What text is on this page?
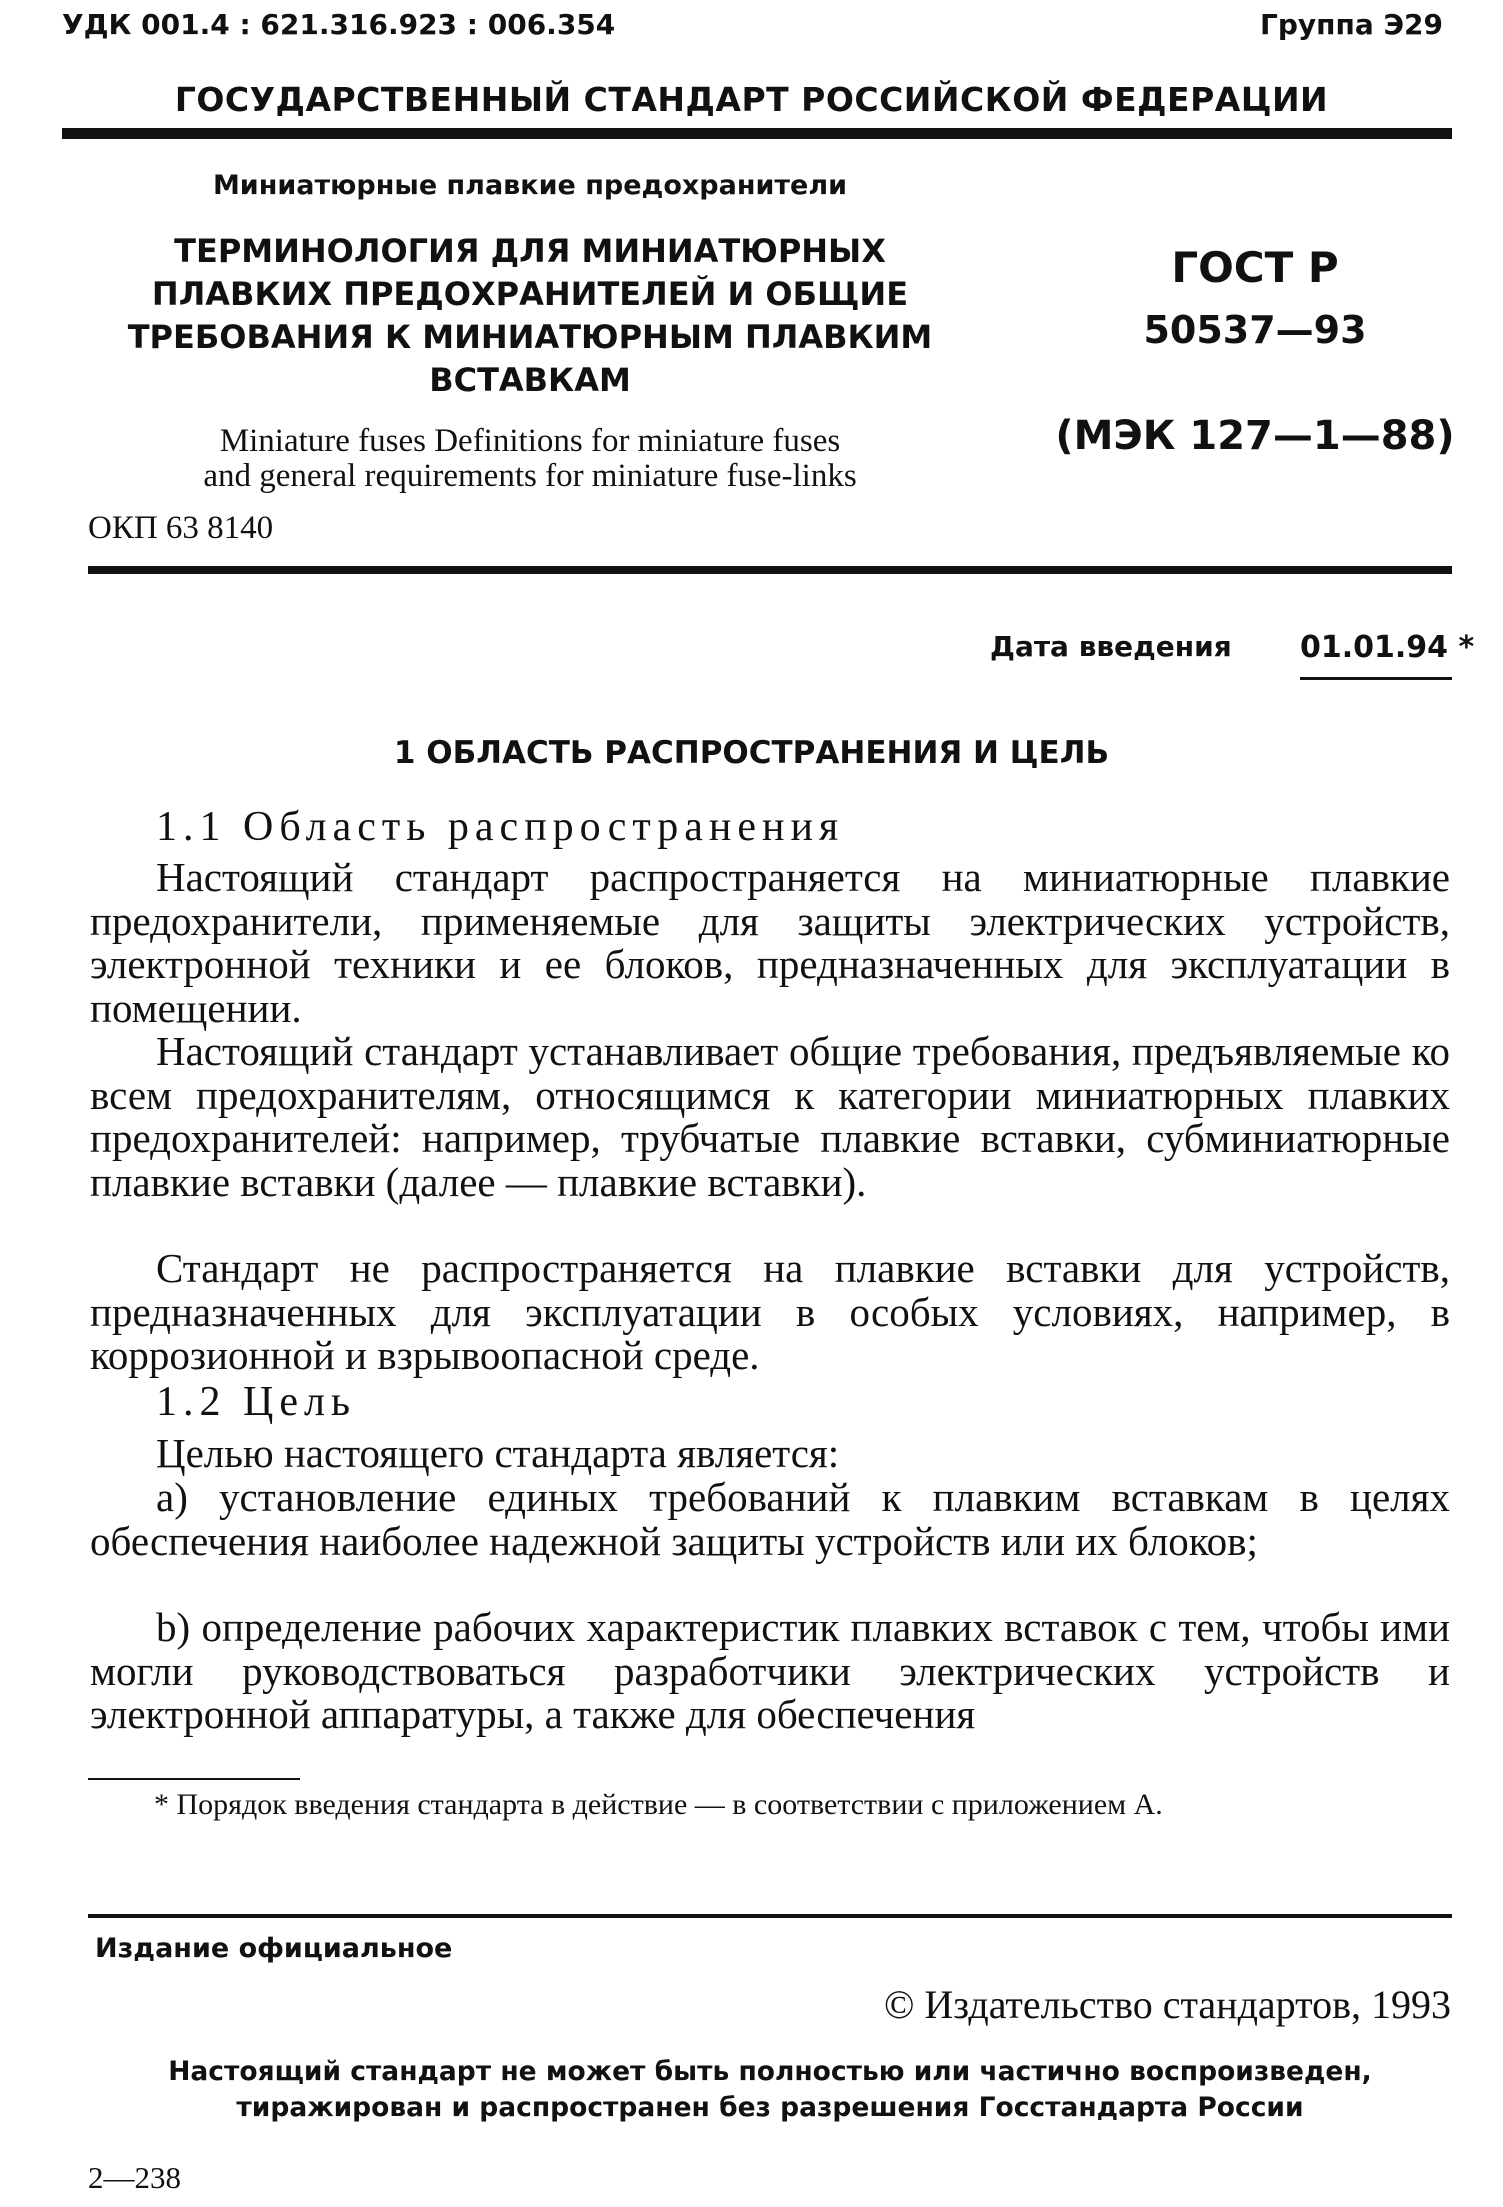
УДК 001.4 : 621.316.923 : 006.354	Группа Э29
ГОСУДАРСТВЕННЫЙ СТАНДАРТ РОССИЙСКОЙ ФЕДЕРАЦИИ
Миниатюрные плавкие предохранители
ТЕРМИНОЛОГИЯ ДЛЯ МИНИАТЮРНЫХ
ПЛАВКИХ ПРЕДОХРАНИТЕЛЕЙ И ОБЩИЕ
ТРЕБОВАНИЯ К МИНИАТЮРНЫМ ПЛАВКИМ
ВСТАВКАМ
Miniature fuses Definitions for miniature fuses
and general requirements for miniature fuse-links
ОКП 63 8140
ГОСТ Р
50537—93
(МЭК 127—1—88)
Дата введения 01.01.94 *
1 ОБЛАСТЬ РАСПРОСТРАНЕНИЯ И ЦЕЛЬ
1.1 Область распространения
Настоящий стандарт распространяется на миниатюрные плавкие предохранители, применяемые для защиты электрических устройств, электронной техники и ее блоков, предназначенных для эксплуатации в помещении.
Настоящий стандарт устанавливает общие требования, предъявляемые ко всем предохранителям, относящимся к категории миниатюрных плавких предохранителей: например, трубчатые плавкие вставки, субминиатюрные плавкие вставки (далее — плавкие вставки).
Стандарт не распространяется на плавкие вставки для устройств, предназначенных для эксплуатации в особых условиях, например, в коррозионной и взрывоопасной среде.
1.2 Цель
Целью настоящего стандарта является:
a) установление единых требований к плавким вставкам в целях обеспечения наиболее надежной защиты устройств или их блоков;
b) определение рабочих характеристик плавких вставок с тем, чтобы ими могли руководствоваться разработчики электрических устройств и электронной аппаратуры, а также для обеспечения
* Порядок введения стандарта в действие — в соответствии с приложением А.
Издание официальное
© Издательство стандартов, 1993
Настоящий стандарт не может быть полностью или частично воспроизведен,
тиражирован и распространен без разрешения Госстандарта России
2—238
